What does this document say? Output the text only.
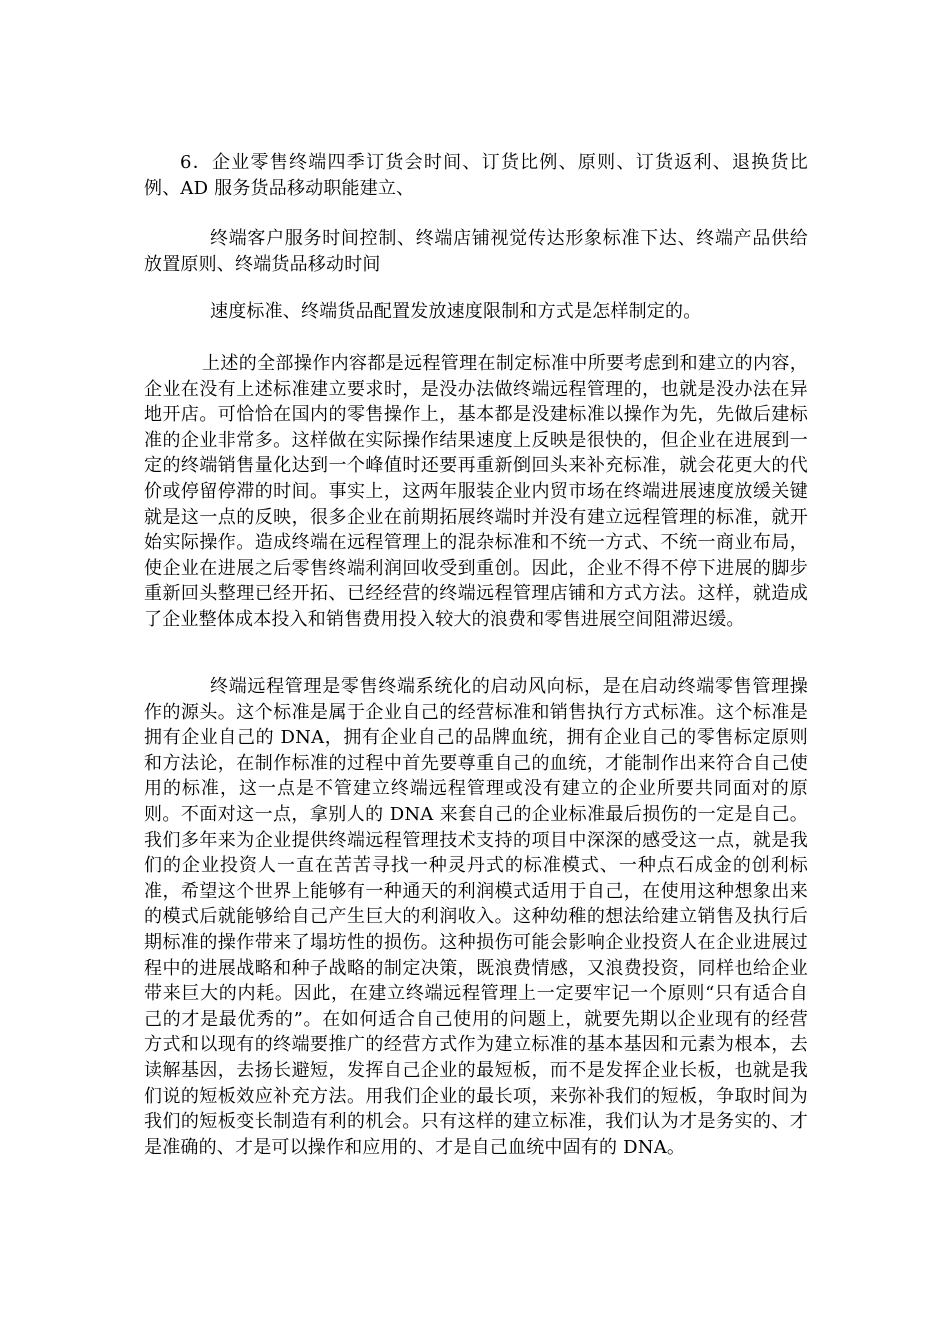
6．企业零售终端四季订货会时间、订货比例、原则、订货返利、退换货比例、AD 服务货品移动职能建立、

终端客户服务时间控制、终端店铺视觉传达形象标准下达、终端产品供给放置原则、终端货品移动时间

速度标准、终端货品配置发放速度限制和方式是怎样制定的。

上述的全部操作内容都是远程管理在制定标准中所要考虑到和建立的内容，企业在没有上述标准建立要求时，是没办法做终端远程管理的，也就是没办法在异地开店。可恰恰在国内的零售操作上，基本都是没建标准以操作为先，先做后建标准的企业非常多。这样做在实际操作结果速度上反映是很快的，但企业在进展到一定的终端销售量化达到一个峰值时还要再重新倒回头来补充标准，就会花更大的代价或停留停滞的时间。事实上，这两年服装企业内贸市场在终端进展速度放缓关键就是这一点的反映，很多企业在前期拓展终端时并没有建立远程管理的标准，就开始实际操作。造成终端在远程管理上的混杂标准和不统一方式、不统一商业布局，使企业在进展之后零售终端利润回收受到重创。因此，企业不得不停下进展的脚步重新回头整理已经开拓、已经经营的终端远程管理店铺和方式方法。这样，就造成了企业整体成本投入和销售费用投入较大的浪费和零售进展空间阻滞迟缓。

终端远程管理是零售终端系统化的启动风向标，是在启动终端零售管理操作的源头。这个标准是属于企业自己的经营标准和销售执行方式标准。这个标准是拥有企业自己的 DNA，拥有企业自己的品牌血统，拥有企业自己的零售标定原则和方法论，在制作标准的过程中首先要尊重自己的血统，才能制作出来符合自己使用的标准，这一点是不管建立终端远程管理或没有建立的企业所要共同面对的原则。不面对这一点，拿别人的 DNA 来套自己的企业标准最后损伤的一定是自己。我们多年来为企业提供终端远程管理技术支持的项目中深深的感受这一点，就是我们的企业投资人一直在苦苦寻找一种灵丹式的标准模式、一种点石成金的创利标准，希望这个世界上能够有一种通天的利润模式适用于自己，在使用这种想象出来的模式后就能够给自己产生巨大的利润收入。这种幼稚的想法给建立销售及执行后期标准的操作带来了塌坊性的损伤。这种损伤可能会影响企业投资人在企业进展过程中的进展战略和种子战略的制定决策，既浪费情感，又浪费投资，同样也给企业带来巨大的内耗。因此，在建立终端远程管理上一定要牢记一个原则“只有适合自己的才是最优秀的”。在如何适合自己使用的问题上，就要先期以企业现有的经营方式和以现有的终端要推广的经营方式作为建立标准的基本基因和元素为根本，去读解基因，去扬长避短，发挥自己企业的最短板，而不是发挥企业长板，也就是我们说的短板效应补充方法。用我们企业的最长项，来弥补我们的短板，争取时间为我们的短板变长制造有利的机会。只有这样的建立标准，我们认为才是务实的、才是准确的、才是可以操作和应用的、才是自己血统中固有的 DNA。
